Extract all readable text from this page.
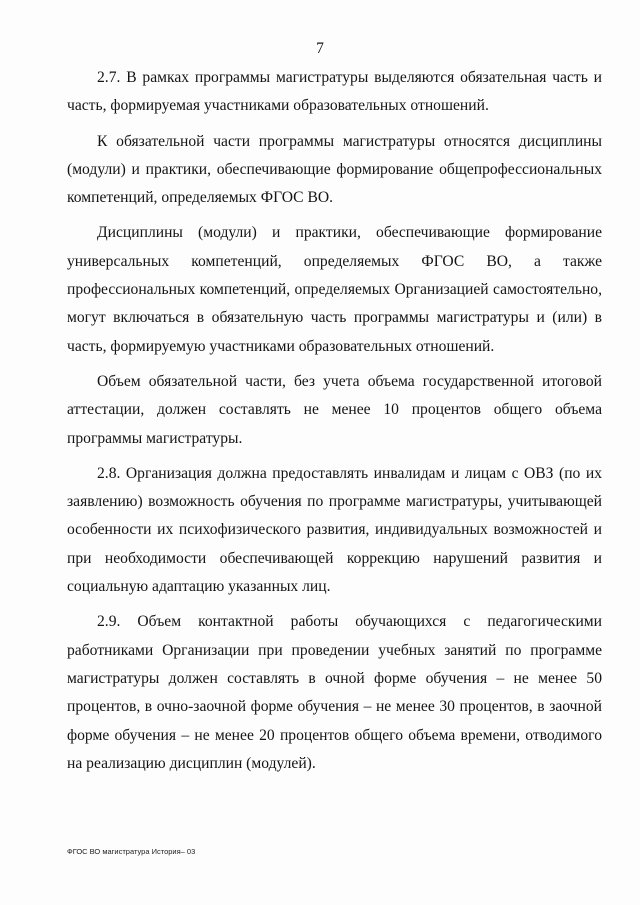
7

2.7. В рамках программы магистратуры выделяются обязательная часть и часть, формируемая участниками образовательных отношений.

К обязательной части программы магистратуры относятся дисциплины (модули) и практики, обеспечивающие формирование общепрофессиональных компетенций, определяемых ФГОС ВО.

Дисциплины (модули) и практики, обеспечивающие формирование универсальных компетенций, определяемых ФГОС ВО, а также профессиональных компетенций, определяемых Организацией самостоятельно, могут включаться в обязательную часть программы магистратуры и (или) в часть, формируемую участниками образовательных отношений.

Объем обязательной части, без учета объема государственной итоговой аттестации, должен составлять не менее 10 процентов общего объема программы магистратуры.

2.8. Организация должна предоставлять инвалидам и лицам с ОВЗ (по их заявлению) возможность обучения по программе магистратуры, учитывающей особенности их психофизического развития, индивидуальных возможностей и при необходимости обеспечивающей коррекцию нарушений развития и социальную адаптацию указанных лиц.

2.9. Объем контактной работы обучающихся с педагогическими работниками Организации при проведении учебных занятий по программе магистратуры должен составлять в очной форме обучения – не менее 50 процентов, в очно-заочной форме обучения – не менее 30 процентов, в заочной форме обучения – не менее 20 процентов общего объема времени, отводимого на реализацию дисциплин (модулей).

ФГОС ВО магистратура История– 03
